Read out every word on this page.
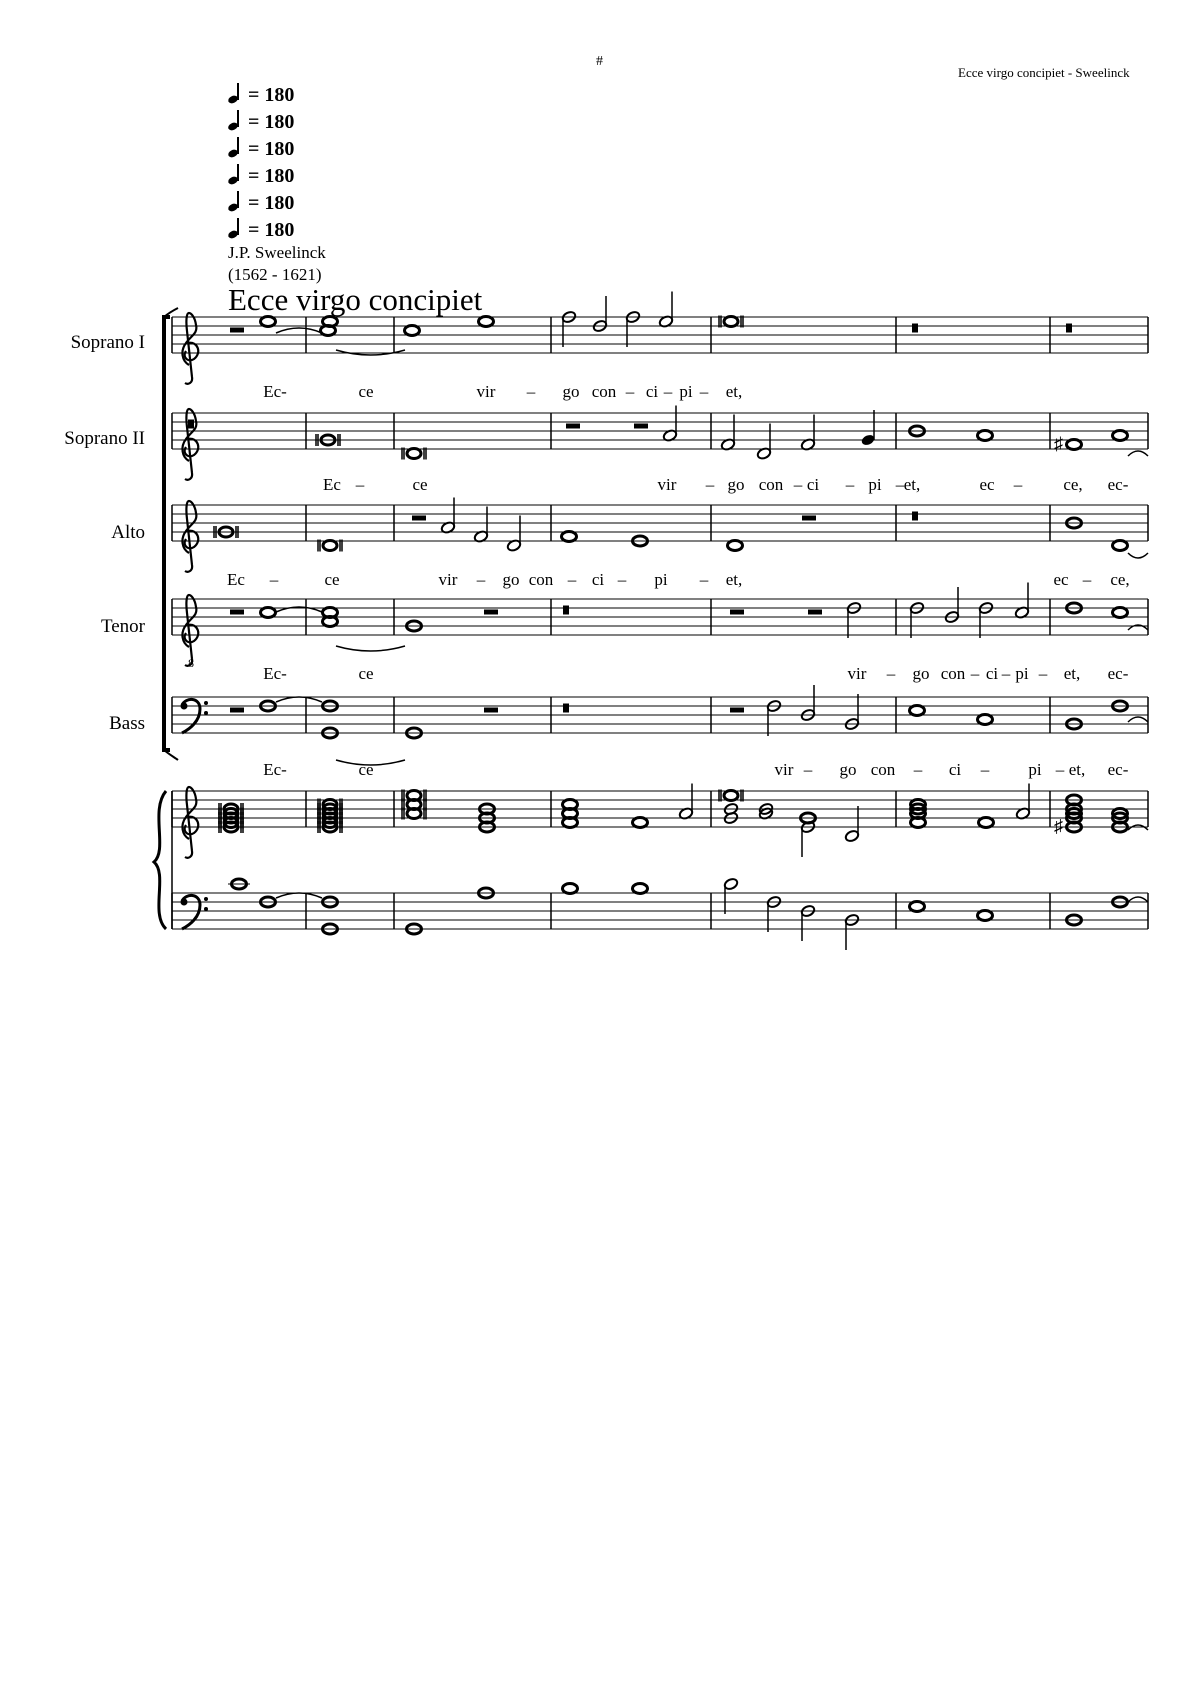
#
Ecce virgo concipiet - Sweelinck
= 180
= 180
= 180
= 180
= 180
= 180
J.P. Sweelinck
(1562 - 1621)
Ecce virgo concipiet
Soprano I
Soprano II
Alto
Tenor
Bass
8
♯
♯
Ec-	ce	vir – go con – ci – pi – et,
Ec –	ce	vir – go con – ci – pi – et,	ec – ce, ec-
Ec –	ce	vir – go con – ci – pi – et,	ec – ce,
Ec-	ce	vir – go con – ci – pi – et, ec-
Ec-	ce	vir – go con – ci – pi – et, ec-
